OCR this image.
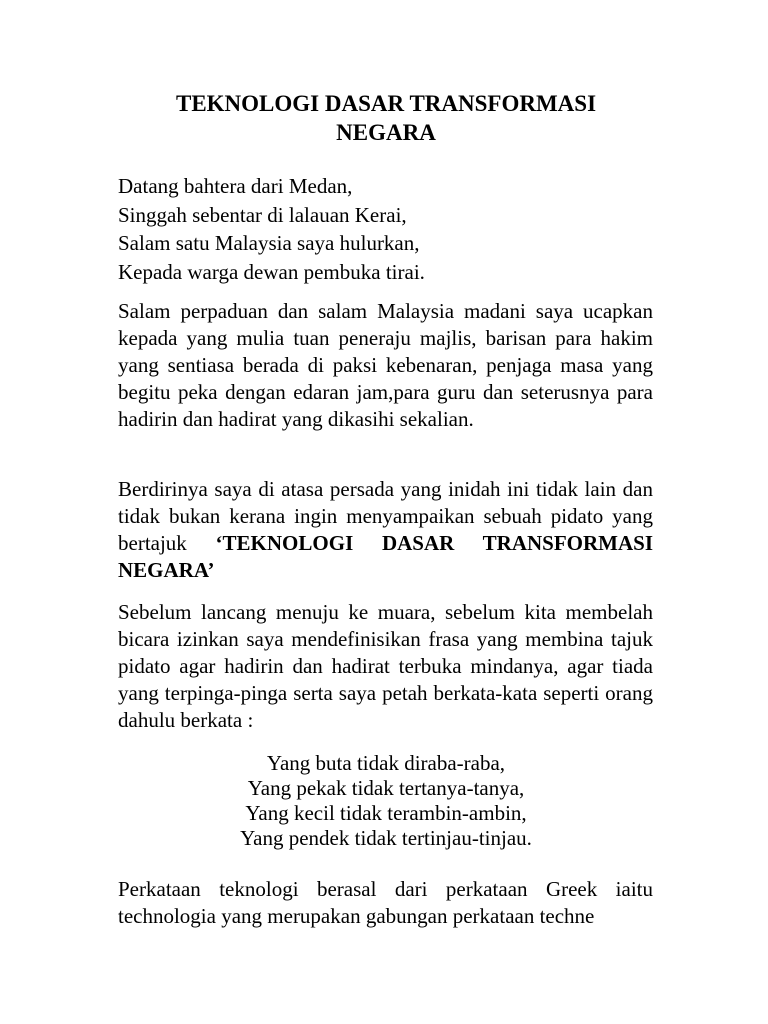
TEKNOLOGI DASAR TRANSFORMASI
NEGARA
Datang bahtera dari Medan,
Singgah sebentar di lalauan Kerai,
Salam satu Malaysia saya hulurkan,
Kepada warga dewan pembuka tirai.

Salam perpaduan dan salam Malaysia madani saya ucapkan kepada yang mulia tuan peneraju majlis, barisan para hakim yang sentiasa berada di paksi kebenaran, penjaga masa yang begitu peka dengan edaran jam,para guru dan seterusnya para hadirin dan hadirat yang dikasihi sekalian.

Berdirinya saya di atasa persada yang inidah ini tidak lain dan tidak bukan kerana ingin menyampaikan sebuah pidato yang bertajuk ‘TEKNOLOGI DASAR TRANSFORMASI NEGARA’

Sebelum lancang menuju ke muara, sebelum kita membelah bicara izinkan saya mendefinisikan frasa yang membina tajuk pidato agar hadirin dan hadirat terbuka mindanya, agar tiada yang terpinga-pinga serta saya petah berkata-kata seperti orang dahulu berkata :

Yang buta tidak diraba-raba,
Yang pekak tidak tertanya-tanya,
Yang kecil tidak terambin-ambin,
Yang pendek tidak tertinjau-tinjau.

Perkataan teknologi berasal dari perkataan Greek iaitu technologia yang merupakan gabungan perkataan techne
